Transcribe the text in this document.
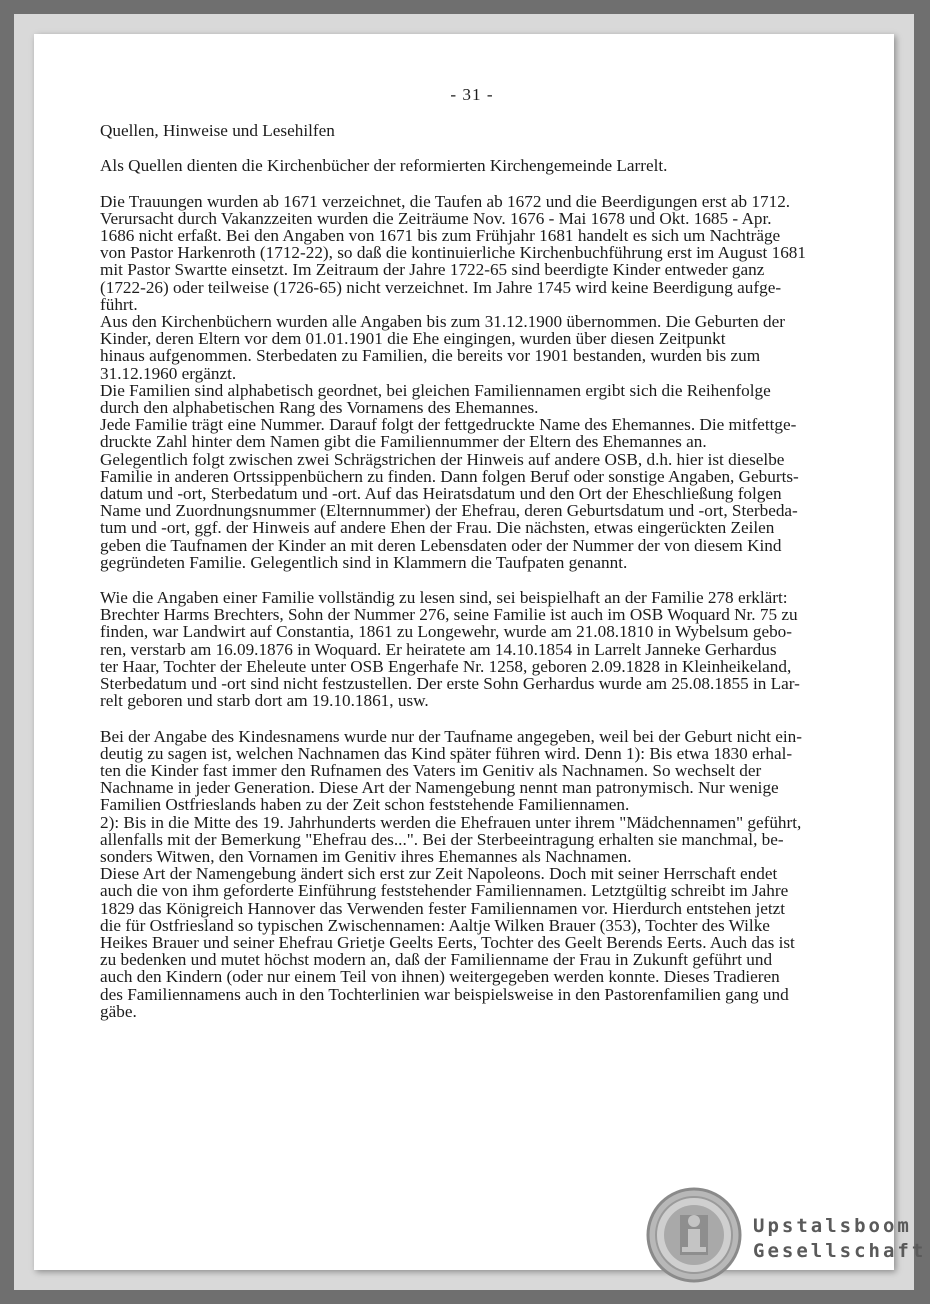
- 31 -
Quellen, Hinweise und Lesehilfen
Als Quellen dienten die Kirchenbücher der reformierten Kirchengemeinde Larrelt.
Die Trauungen wurden ab 1671 verzeichnet, die Taufen ab 1672 und die Beerdigungen erst ab 1712.
Verursacht durch Vakanzzeiten wurden die Zeiträume Nov. 1676 - Mai 1678 und Okt. 1685 - Apr.
1686 nicht erfaßt. Bei den Angaben von 1671 bis zum Frühjahr 1681 handelt es sich um Nachträge
von Pastor Harkenroth (1712-22), so daß die kontinuierliche Kirchenbuchführung erst im August 1681
mit Pastor Swartte einsetzt. Im Zeitraum der Jahre 1722-65 sind beerdigte Kinder entweder ganz
(1722-26) oder teilweise (1726-65) nicht verzeichnet. Im Jahre 1745 wird keine Beerdigung aufge-
führt.
Aus den Kirchenbüchern wurden alle Angaben bis zum 31.12.1900 übernommen. Die Geburten der
Kinder, deren Eltern vor dem 01.01.1901 die Ehe eingingen, wurden über diesen Zeitpunkt
hinaus aufgenommen. Sterbedaten zu Familien, die bereits vor 1901 bestanden, wurden bis zum
31.12.1960 ergänzt.
Die Familien sind alphabetisch geordnet, bei gleichen Familiennamen ergibt sich die Reihenfolge
durch den alphabetischen Rang des Vornamens des Ehemannes.
Jede Familie trägt eine Nummer. Darauf folgt der fettgedruckte Name des Ehemannes. Die mitfettge-
druckte Zahl hinter dem Namen gibt die Familiennummer der Eltern des Ehemannes an.
Gelegentlich folgt zwischen zwei Schrägstrichen der Hinweis auf andere OSB, d.h. hier ist dieselbe
Familie in anderen Ortssippenbüchern zu finden. Dann folgen Beruf oder sonstige Angaben, Geburts-
datum und -ort, Sterbedatum und -ort. Auf das Heiratsdatum und den Ort der Eheschließung folgen
Name und Zuordnungsnummer (Elternnummer) der Ehefrau, deren Geburtsdatum und -ort, Sterbeda-
tum und -ort, ggf. der Hinweis auf andere Ehen der Frau. Die nächsten, etwas eingerückten Zeilen
geben die Taufnamen der Kinder an mit deren Lebensdaten oder der Nummer der von diesem Kind
gegründeten Familie. Gelegentlich sind in Klammern die Taufpaten genannt.
Wie die Angaben einer Familie vollständig zu lesen sind, sei beispielhaft an der Familie 278 erklärt:
Brechter Harms Brechters, Sohn der Nummer 276, seine Familie ist auch im OSB Woquard Nr. 75 zu
finden, war Landwirt auf Constantia, 1861 zu Longewehr, wurde am 21.08.1810 in Wybelsum gebo-
ren, verstarb am 16.09.1876 in Woquard. Er heiratete am 14.10.1854 in Larrelt Janneke Gerhardus
ter Haar, Tochter der Eheleute unter OSB Engerhafe Nr. 1258, geboren 2.09.1828 in Kleinheikeland,
Sterbedatum und -ort sind nicht festzustellen. Der erste Sohn Gerhardus wurde am 25.08.1855 in Lar-
relt geboren und starb dort am 19.10.1861, usw.
Bei der Angabe des Kindesnamens wurde nur der Taufname angegeben, weil bei der Geburt nicht ein-
deutig zu sagen ist, welchen Nachnamen das Kind später führen wird. Denn 1): Bis etwa 1830 erhal-
ten die Kinder fast immer den Rufnamen des Vaters im Genitiv als Nachnamen. So wechselt der
Nachname in jeder Generation. Diese Art der Namengebung nennt man patronymisch. Nur wenige
Familien Ostfrieslands haben zu der Zeit schon feststehende Familiennamen.
2): Bis in die Mitte des 19. Jahrhunderts werden die Ehefrauen unter ihrem "Mädchennamen" geführt,
allenfalls mit der Bemerkung "Ehefrau des...". Bei der Sterbeeintragung erhalten sie manchmal, be-
sonders Witwen, den Vornamen im Genitiv ihres Ehemannes als Nachnamen.
Diese Art der Namengebung ändert sich erst zur Zeit Napoleons. Doch mit seiner Herrschaft endet
auch die von ihm geforderte Einführung feststehender Familiennamen. Letztgültig schreibt im Jahre
1829 das Königreich Hannover das Verwenden fester Familiennamen vor. Hierdurch entstehen jetzt
die für Ostfriesland so typischen Zwischennamen: Aaltje Wilken Brauer (353), Tochter des Wilke
Heikes Brauer und seiner Ehefrau Grietje Geelts Eerts, Tochter des Geelt Berends Eerts. Auch das ist
zu bedenken und mutet höchst modern an, daß der Familienname der Frau in Zukunft geführt und
auch den Kindern (oder nur einem Teil von ihnen) weitergegeben werden konnte. Dieses Tradieren
des Familiennamens auch in den Tochterlinien war beispielsweise in den Pastorenfamilien gang und
gäbe.
Upstalsboom
Gesellschaft
